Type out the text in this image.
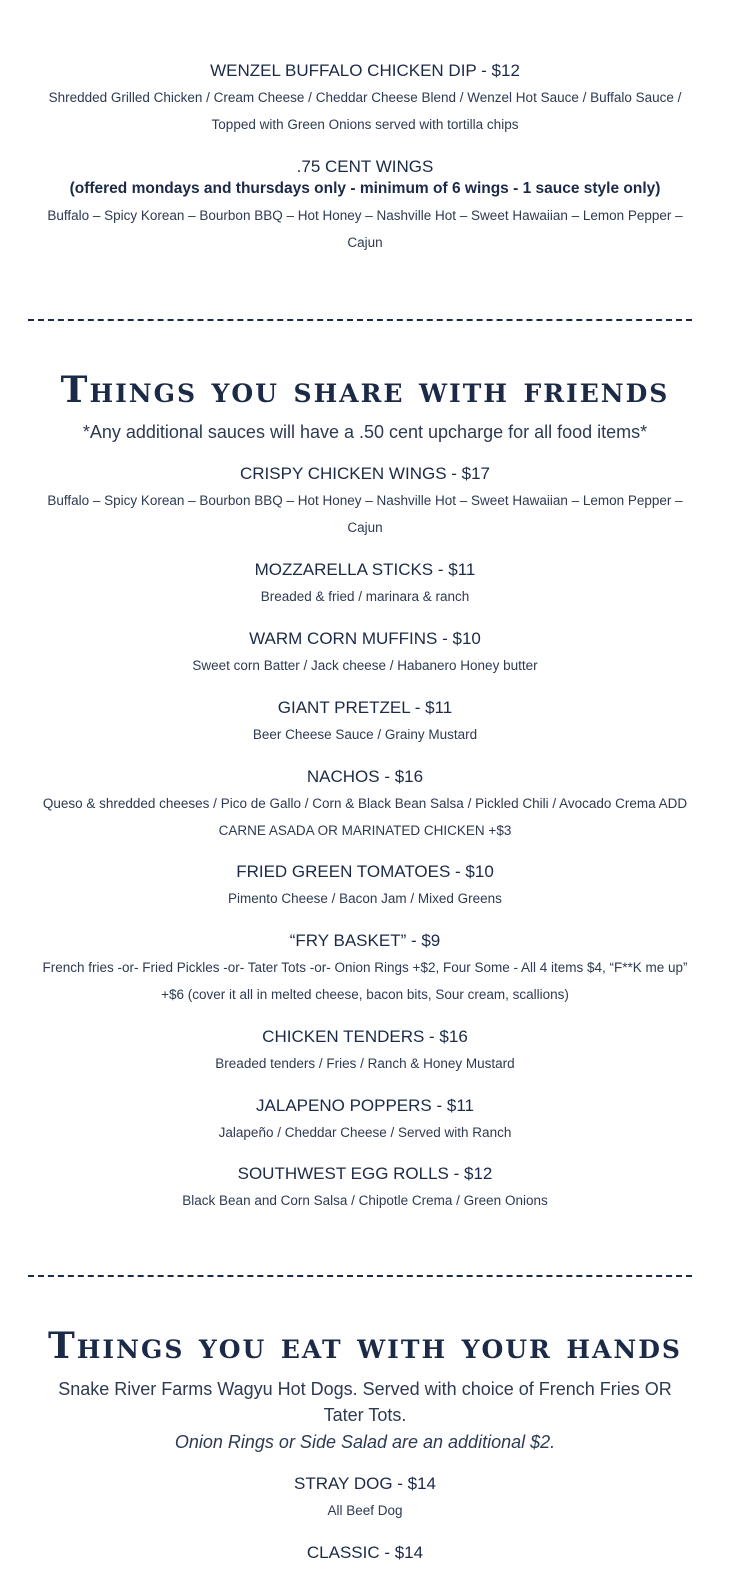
WENZEL BUFFALO CHICKEN DIP - $12

Shredded Grilled Chicken / Cream Cheese / Cheddar Cheese Blend / Wenzel Hot Sauce / Buffalo Sauce / Topped with Green Onions served with tortilla chips

.75 CENT WINGS

(offered mondays and thursdays only - minimum of 6 wings - 1 sauce style only)

Buffalo – Spicy Korean – Bourbon BBQ – Hot Honey – Nashville Hot – Sweet Hawaiian – Lemon Pepper – Cajun

Things you share with friends

*Any additional sauces will have a .50 cent upcharge for all food items*

CRISPY CHICKEN WINGS - $17

Buffalo – Spicy Korean – Bourbon BBQ – Hot Honey – Nashville Hot – Sweet Hawaiian – Lemon Pepper – Cajun

MOZZARELLA STICKS - $11

Breaded & fried / marinara & ranch

WARM CORN MUFFINS - $10

Sweet corn Batter / Jack cheese / Habanero Honey butter

GIANT PRETZEL - $11

Beer Cheese Sauce / Grainy Mustard

NACHOS - $16

Queso & shredded cheeses / Pico de Gallo / Corn & Black Bean Salsa / Pickled Chili / Avocado Crema ADD CARNE ASADA OR MARINATED CHICKEN +$3

FRIED GREEN TOMATOES - $10

Pimento Cheese / Bacon Jam / Mixed Greens

“FRY BASKET” - $9

French fries -or- Fried Pickles -or- Tater Tots -or- Onion Rings +$2, Four Some - All 4 items $4, “F**K me up” +$6 (cover it all in melted cheese, bacon bits, Sour cream, scallions)

CHICKEN TENDERS - $16

Breaded tenders / Fries / Ranch & Honey Mustard

JALAPENO POPPERS - $11

Jalapeño / Cheddar Cheese / Served with Ranch

SOUTHWEST EGG ROLLS - $12

Black Bean and Corn Salsa / Chipotle Crema / Green Onions

Things you eat with your hands

Snake River Farms Wagyu Hot Dogs. Served with choice of French Fries OR Tater Tots.

Onion Rings or Side Salad are an additional $2.

STRAY DOG - $14

All Beef Dog

CLASSIC - $14
